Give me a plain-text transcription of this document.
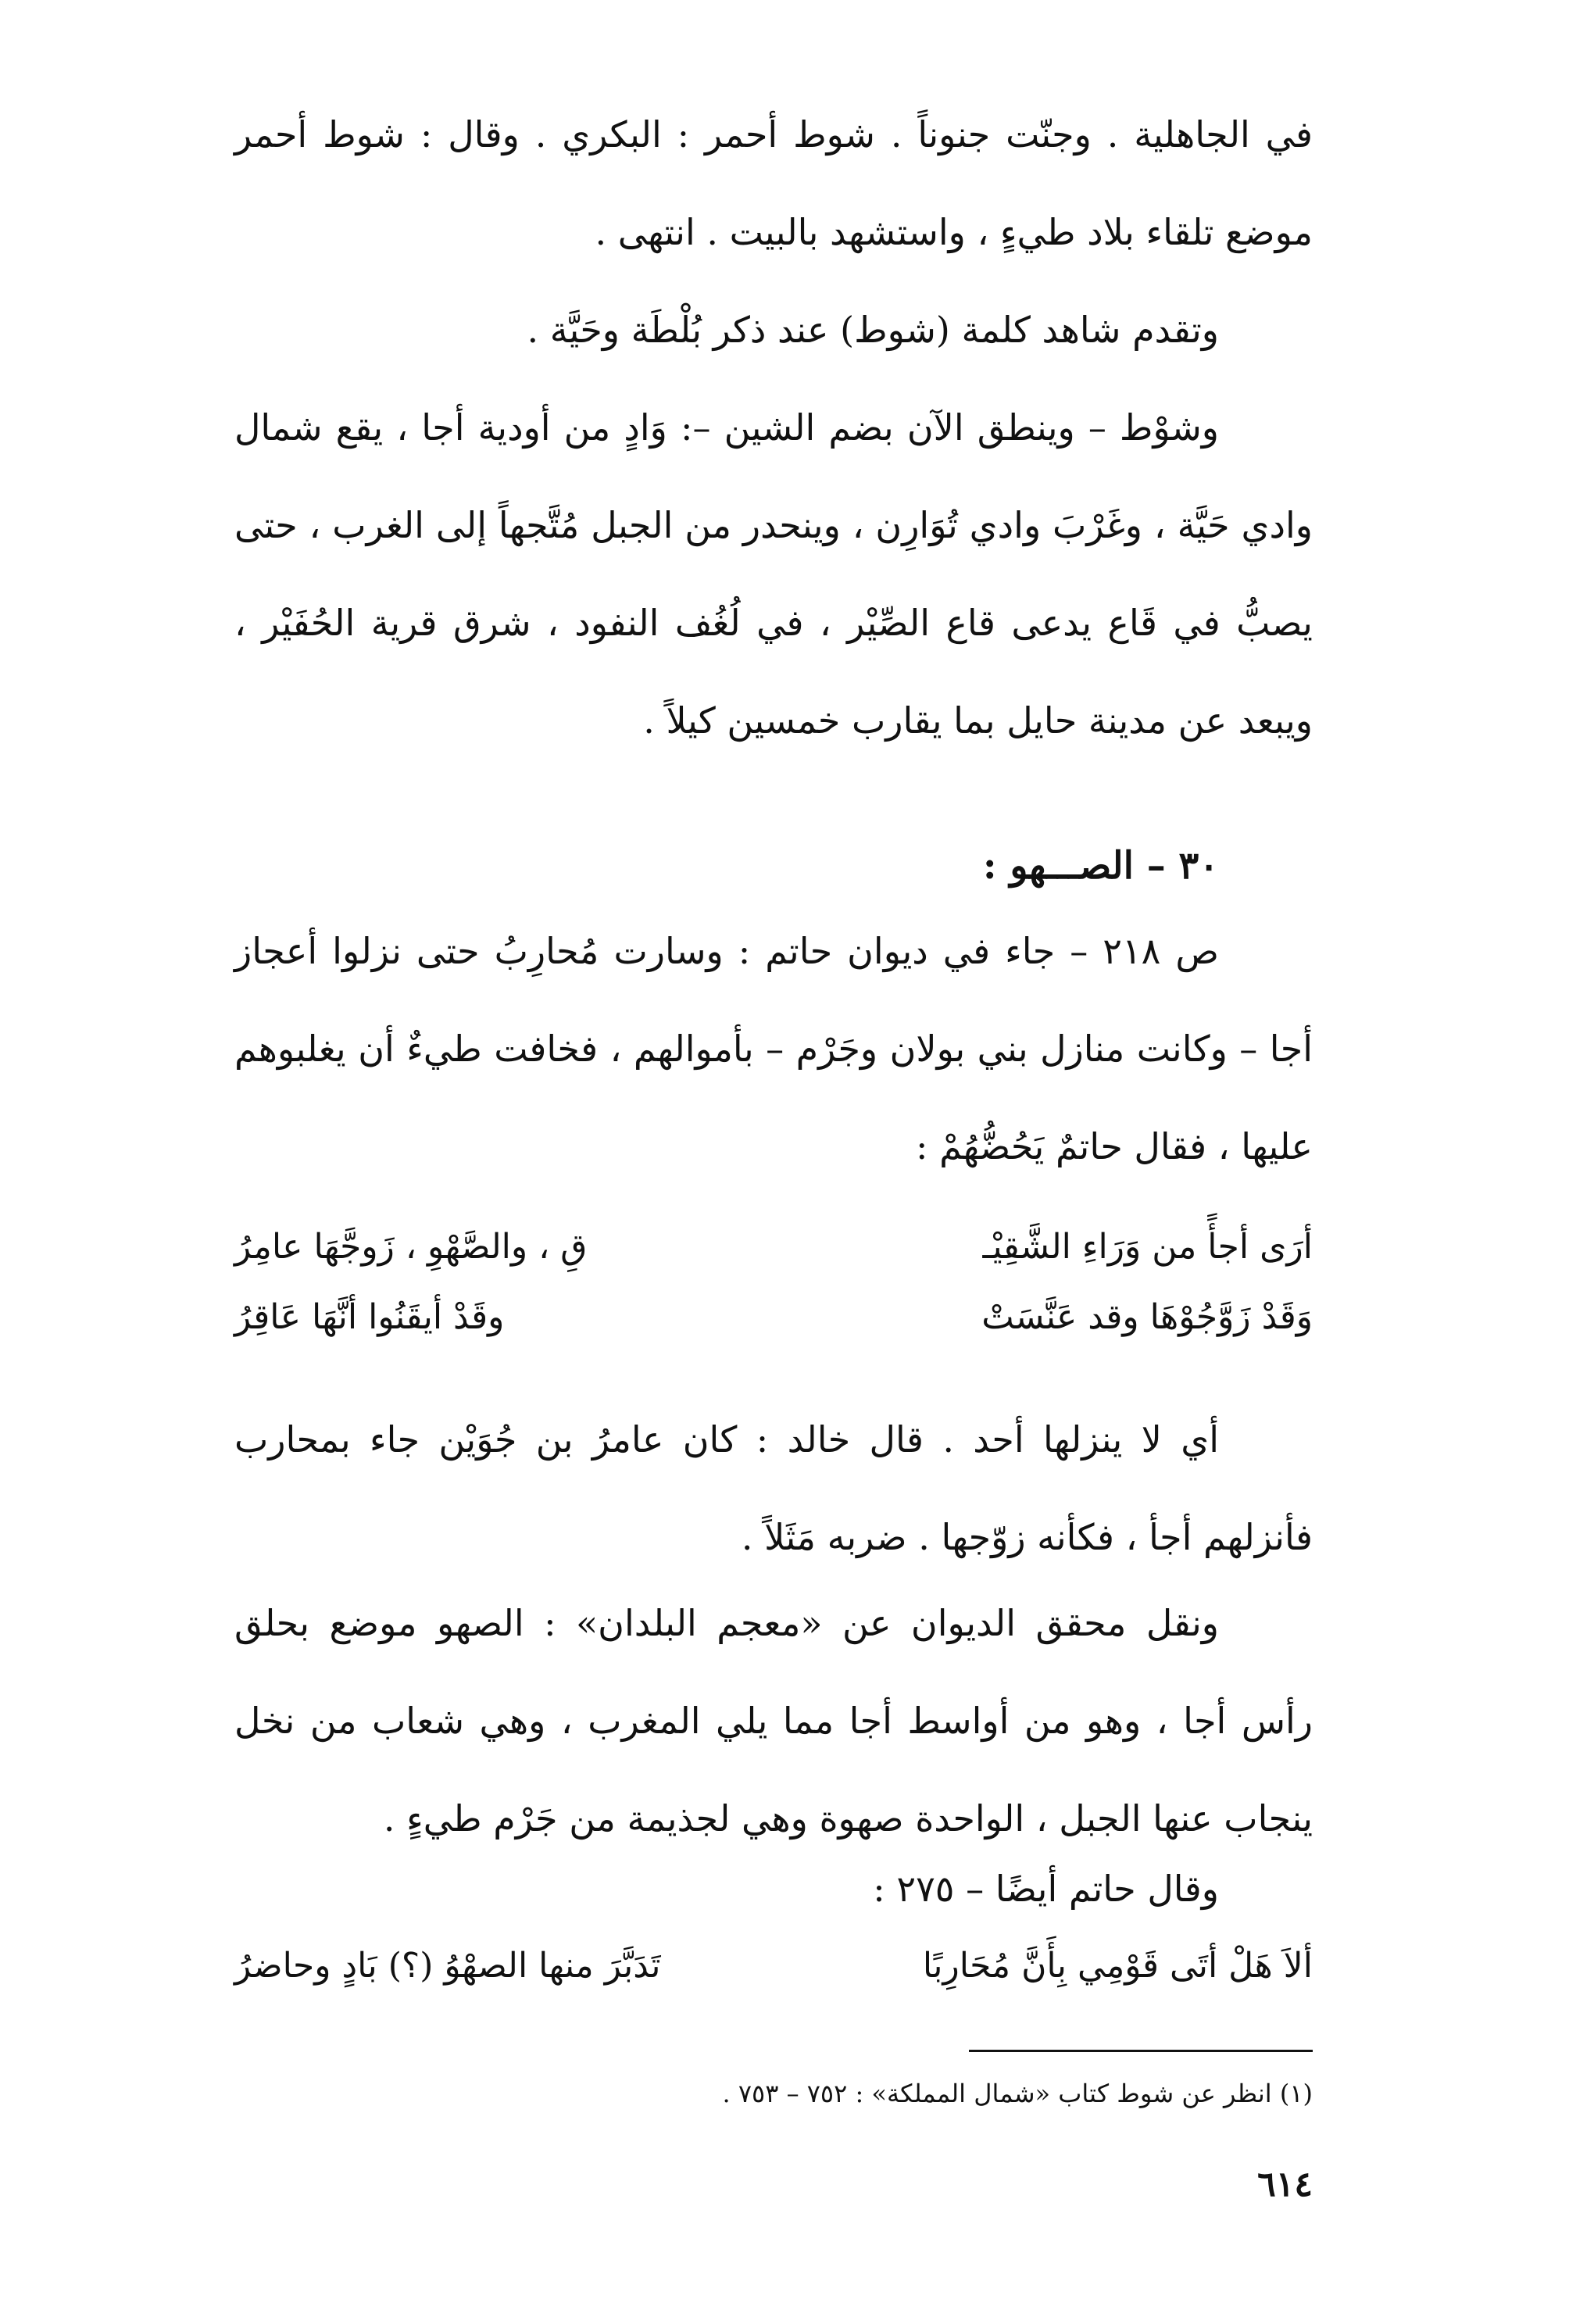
في الجاهلية . وجنّت جنوناً . شوط أحمر : البكري . وقال : شوط أحمر موضع تلقاء بلاد طيءٍ ، واستشهد بالبيت . انتهى .

وتقدم شاهد كلمة (شوط) عند ذكر بُلْطَة وحَيَّة .

وشوْط – وينطق الآن بضم الشين –: وَادٍ من أودية أجا ، يقع شمال وادي حَيَّة ، وغَرْبَ وادي تُوَارِن ، وينحدر من الجبل مُتَّجهاً إلى الغرب ، حتى يصبُّ في قَاع يدعى قاع الصِّيْر ، في لُغُف النفود ، شرق قرية الحُفَيْر ، ويبعد عن مدينة حايل بما يقارب خمسين كيلاً .

٣٠ – الصـــهو :

ص ٢١٨ – جاء في ديوان حاتم : وسارت مُحارِبُ حتى نزلوا أعجاز أجا – وكانت منازل بني بولان وجَرْم – بأموالهم ، فخافت طيءٌ أن يغلبوهم عليها ، فقال حاتمٌ يَحُضُّهُمْ :

أرَى أجأً من وَرَاءِ الشَّقِيْـ
قِ ، والصَّهْوِ ، زَوجَّهَا عامِرُ
وَقَدْ زَوَّجُوْهَا وقد عَنَّسَتْ
وقَدْ أيقَنُوا أنَّهَا عَاقِرُ

أي لا ينزلها أحد . قال خالد : كان عامرُ بن جُوَيْن جاء بمحارب فأنزلهم أجأ ، فكأنه زوّجها . ضربه مَثَلاً .

ونقل محقق الديوان عن «معجم البلدان» : الصهو موضع بحلق رأس أجا ، وهو من أواسط أجا مما يلي المغرب ، وهي شعاب من نخل ينجاب عنها الجبل ، الواحدة صهوة وهي لجذيمة من جَرْم طيءٍ .

وقال حاتم أيضًا – ٢٧٥ :

ألاَ هَلْ أتَى قَوْمِي بِأَنَّ مُحَارِبًا
تَدَبَّرَ منها الصهْوُ (؟) بَادٍ وحاضرُ
(١) انظر عن شوط كتاب «شمال المملكة» : ٧٥٢ – ٧٥٣ .
٦١٤
